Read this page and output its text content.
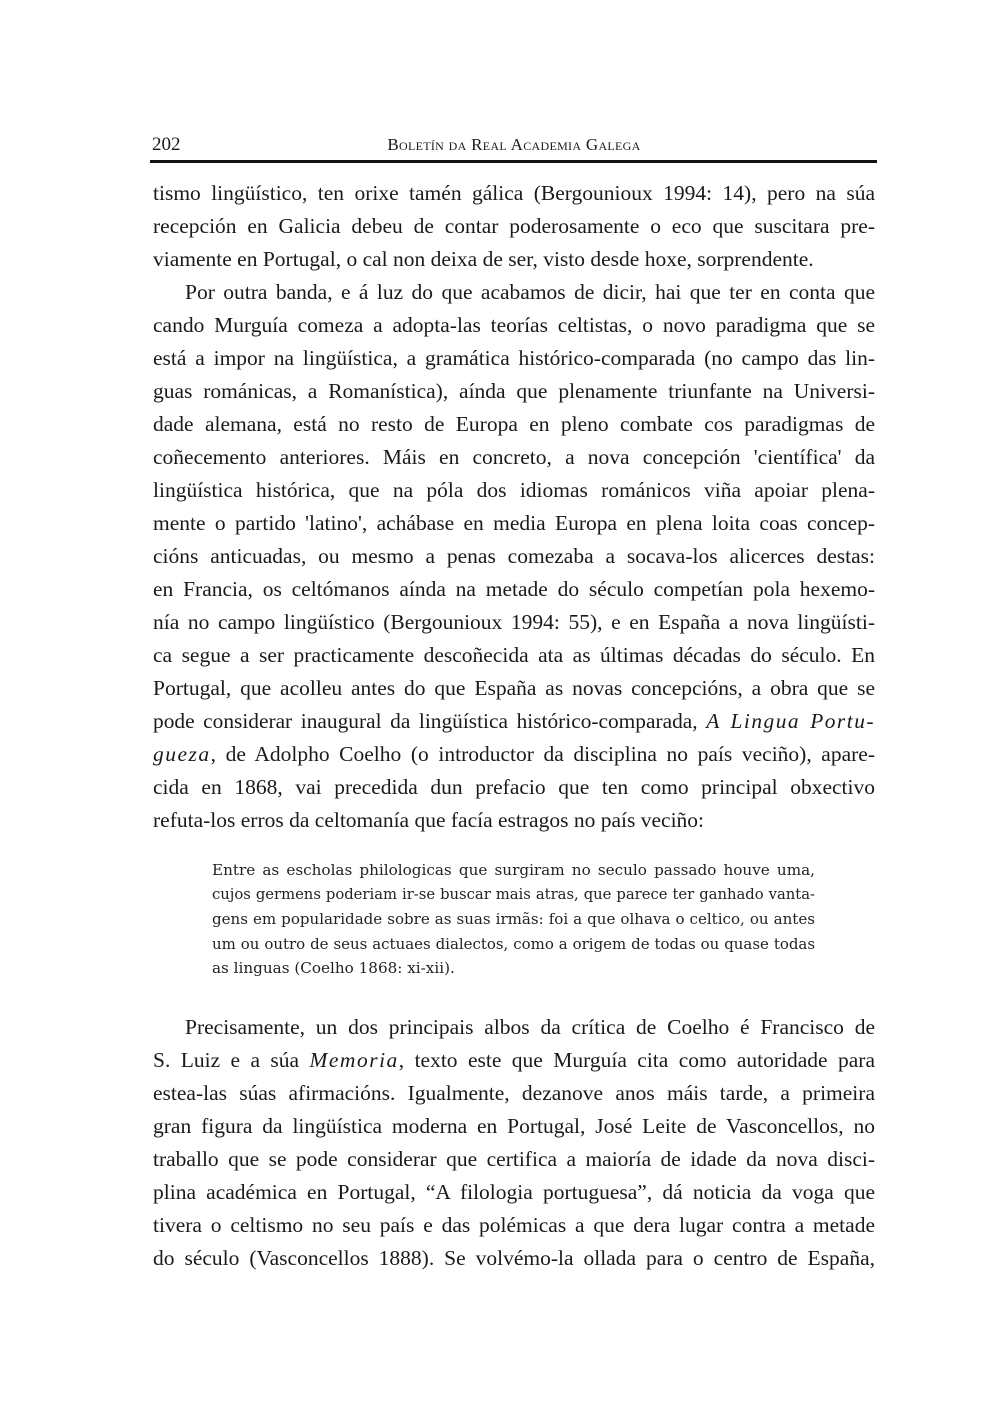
202	Boletín da Real Academia Galega
tismo lingüístico, ten orixe tamén gálica (Bergounioux 1994: 14), pero na súa
recepción en Galicia debeu de contar poderosamente o eco que suscitara pre-
viamente en Portugal, o cal non deixa de ser, visto desde hoxe, sorprendente.
Por outra banda, e á luz do que acabamos de dicir, hai que ter en conta que
cando Murguía comeza a adopta-las teorías celtistas, o novo paradigma que se
está a impor na lingüística, a gramática histórico-comparada (no campo das lin-
guas románicas, a Romanística), aínda que plenamente triunfante na Universi-
dade alemana, está no resto de Europa en pleno combate cos paradigmas de
coñecemento anteriores. Máis en concreto, a nova concepción 'científica' da
lingüística histórica, que na póla dos idiomas románicos viña apoiar plena-
mente o partido 'latino', achábase en media Europa en plena loita coas concep-
cións anticuadas, ou mesmo a penas comezaba a socava-los alicerces destas:
en Francia, os celtómanos aínda na metade do século competían pola hexemo-
nía no campo lingüístico (Bergounioux 1994: 55), e en España a nova lingüísti-
ca segue a ser practicamente descoñecida ata as últimas décadas do século. En
Portugal, que acolleu antes do que España as novas concepcións, a obra que se
pode considerar inaugural da lingüística histórico-comparada, A Lingua Portu-
gueza, de Adolpho Coelho (o introductor da disciplina no país veciño), apare-
cida en 1868, vai precedida dun prefacio que ten como principal obxectivo
refuta-los erros da celtomanía que facía estragos no país veciño:
Entre as escholas philologicas que surgiram no seculo passado houve uma,
cujos germens poderiam ir-se buscar mais atras, que parece ter ganhado vanta-
gens em popularidade sobre as suas irmãs: foi a que olhava o celtico, ou antes
um ou outro de seus actuaes dialectos, como a origem de todas ou quase todas
as linguas (Coelho 1868: xi-xii).
Precisamente, un dos principais albos da crítica de Coelho é Francisco de
S. Luiz e a súa Memoria, texto este que Murguía cita como autoridade para
estea-las súas afirmacións. Igualmente, dezanove anos máis tarde, a primeira
gran figura da lingüística moderna en Portugal, José Leite de Vasconcellos, no
traballo que se pode considerar que certifica a maioría de idade da nova disci-
plina académica en Portugal, “A filologia portuguesa”, dá noticia da voga que
tivera o celtismo no seu país e das polémicas a que dera lugar contra a metade
do século (Vasconcellos 1888). Se volvémo-la ollada para o centro de España,
